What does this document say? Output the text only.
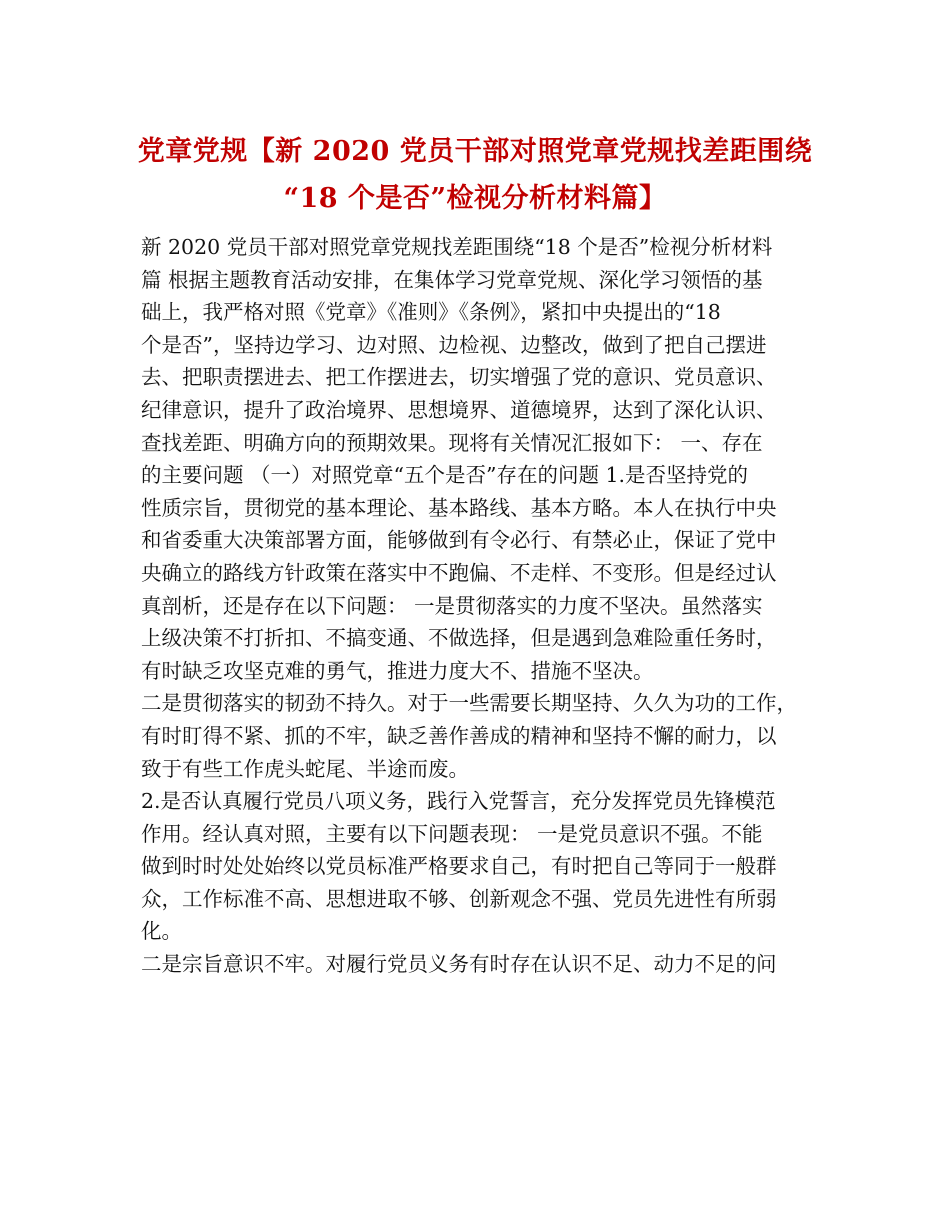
党章党规【新 2020 党员干部对照党章党规找差距围绕
“18 个是否”检视分析材料篇】
新 2020 党员干部对照党章党规找差距围绕“18 个是否”检视分析材料
篇 根据主题教育活动安排，在集体学习党章党规、深化学习领悟的基
础上，我严格对照《党章》《准则》《条例》，紧扣中央提出的“18
个是否”，坚持边学习、边对照、边检视、边整改，做到了把自己摆进
去、把职责摆进去、把工作摆进去，切实增强了党的意识、党员意识、
纪律意识，提升了政治境界、思想境界、道德境界，达到了深化认识、
查找差距、明确方向的预期效果。现将有关情况汇报如下： 一、存在
的主要问题 （一）对照党章“五个是否”存在的问题 1.是否坚持党的
性质宗旨，贯彻党的基本理论、基本路线、基本方略。本人在执行中央
和省委重大决策部署方面，能够做到有令必行、有禁必止，保证了党中
央确立的路线方针政策在落实中不跑偏、不走样、不变形。但是经过认
真剖析，还是存在以下问题： 一是贯彻落实的力度不坚决。虽然落实
上级决策不打折扣、不搞变通、不做选择，但是遇到急难险重任务时，
有时缺乏攻坚克难的勇气，推进力度大不、措施不坚决。
二是贯彻落实的韧劲不持久。对于一些需要长期坚持、久久为功的工作，
有时盯得不紧、抓的不牢，缺乏善作善成的精神和坚持不懈的耐力，以
致于有些工作虎头蛇尾、半途而废。
2.是否认真履行党员八项义务，践行入党誓言，充分发挥党员先锋模范
作用。经认真对照，主要有以下问题表现： 一是党员意识不强。不能
做到时时处处始终以党员标准严格要求自己，有时把自己等同于一般群
众，工作标准不高、思想进取不够、创新观念不强、党员先进性有所弱
化。
二是宗旨意识不牢。对履行党员义务有时存在认识不足、动力不足的问
